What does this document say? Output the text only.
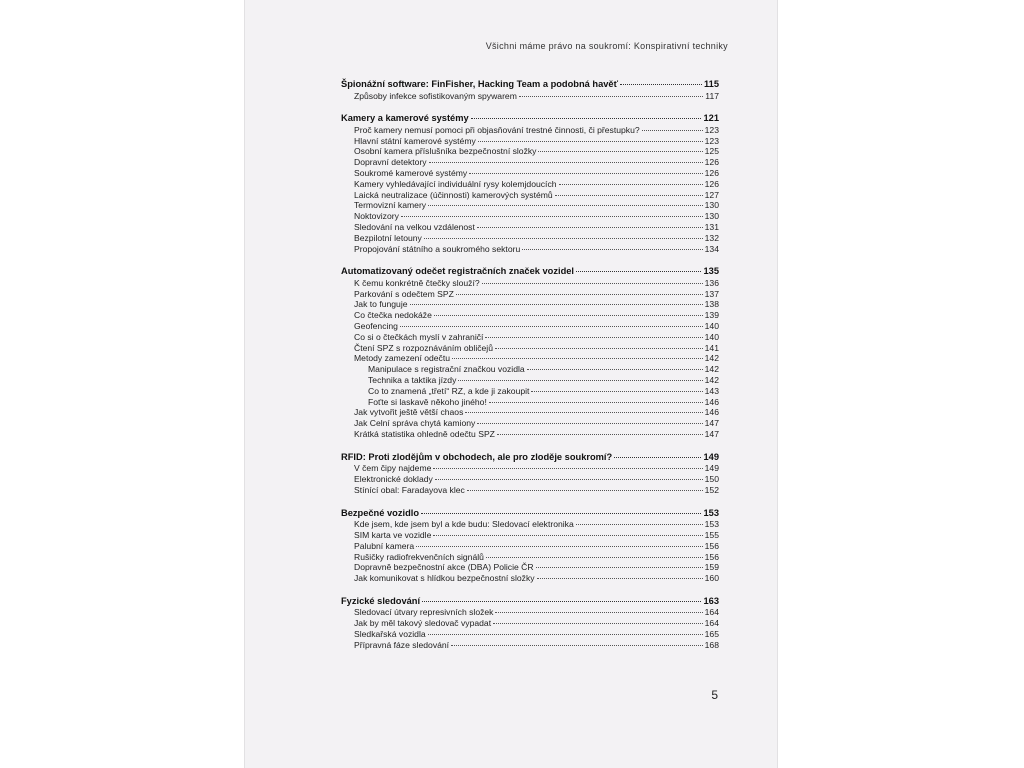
Všichni máme právo na soukromí: Konspirativní techniky
Špionážní software: FinFisher, Hacking Team a podobná havěť	115
Způsoby infekce sofistikovaným spywarem	117
Kamery a kamerové systémy	121
Proč kamery nemusí pomoci při objasňování trestné činnosti, či přestupku?	123
Hlavní státní kamerové systémy	123
Osobní kamera příslušníka bezpečnostní složky	125
Dopravní detektory	126
Soukromé kamerové systémy	126
Kamery vyhledávající individuální rysy kolemjdoucích	126
Laická neutralizace (účinnosti) kamerových systémů	127
Termovizní kamery	130
Noktovizory	130
Sledování na velkou vzdálenost	131
Bezpilotní letouny	132
Propojování státního a soukromého sektoru	134
Automatizovaný odečet registračních značek vozidel	135
K čemu konkrétně čtečky slouží?	136
Parkování s odečtem SPZ	137
Jak to funguje	138
Co čtečka nedokáže	139
Geofencing	140
Co si o čtečkách myslí v zahraničí	140
Čtení SPZ s rozpoznáváním obličejů	141
Metody zamezení odečtu	142
Manipulace s registrační značkou vozidla	142
Technika a taktika jízdy	142
Co to znamená „třetí“ RZ, a kde ji zakoupit	143
Foťte si laskavě někoho jiného!	146
Jak vytvořit ještě větší chaos	146
Jak Celní správa chytá kamiony	147
Krátká statistika ohledně odečtu SPZ	147
RFID: Proti zlodějům v obchodech, ale pro zloděje soukromí?	149
V čem čipy najdeme	149
Elektronické doklady	150
Stínící obal: Faradayova klec	152
Bezpečné vozidlo	153
Kde jsem, kde jsem byl a kde budu: Sledovací elektronika	153
SIM karta ve vozidle	155
Palubní kamera	156
Rušičky radiofrekvenčních signálů	156
Dopravně bezpečnostní akce (DBA) Policie ČR	159
Jak komunikovat s hlídkou bezpečnostní složky	160
Fyzické sledování	163
Sledovací útvary represivních složek	164
Jak by měl takový sledovač vypadat	164
Sledkařská vozidla	165
Přípravná fáze sledování	168
5
